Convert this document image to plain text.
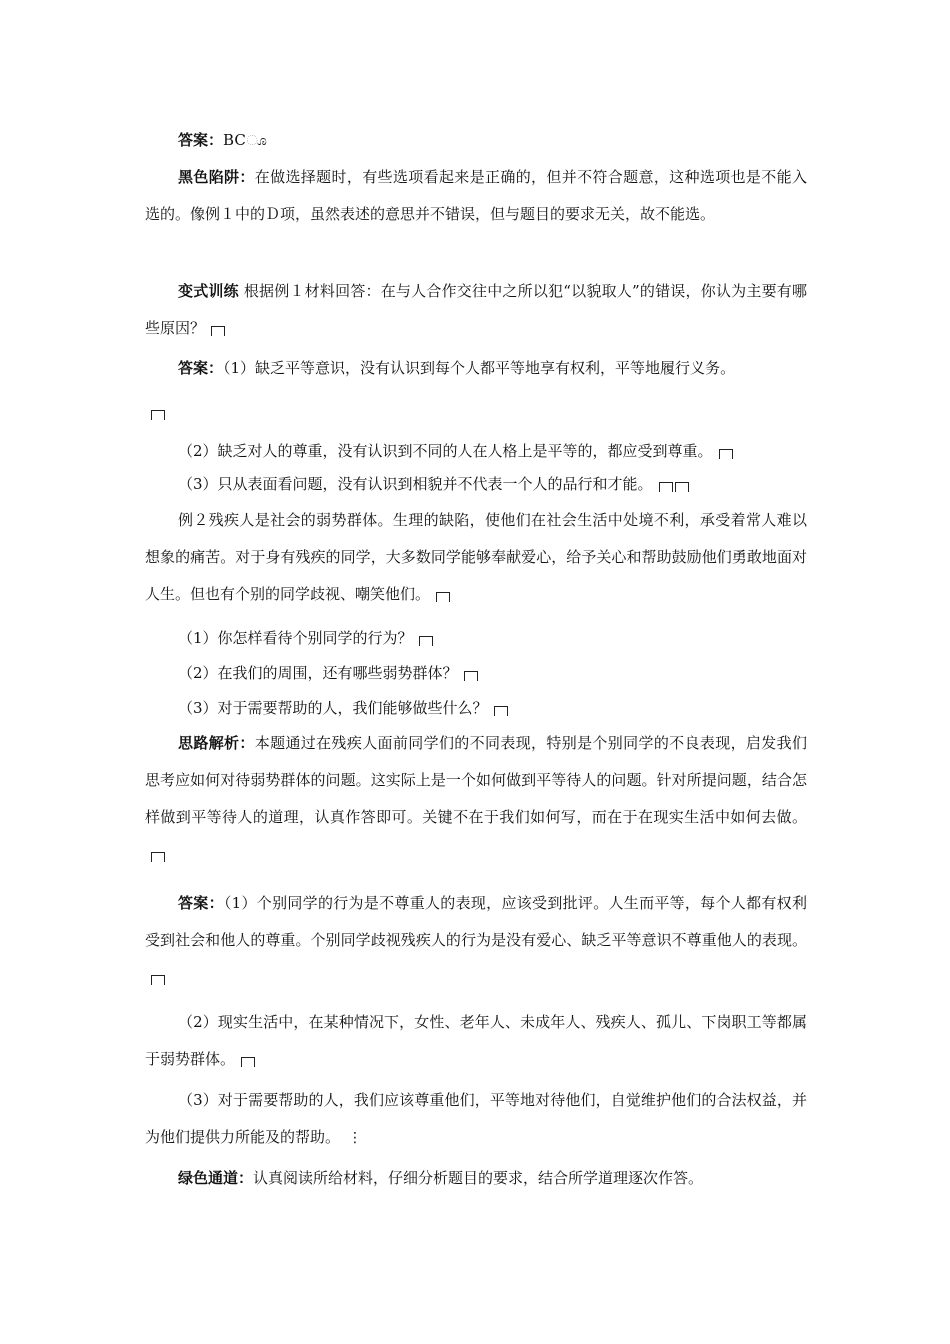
答案：BCೂ

黑色陷阱：在做选择题时，有些选项看起来是正确的，但并不符合题意，这种选项也是不能入选的。像例１中的Ｄ项，虽然表述的意思并不错误，但与题目的要求无关，故不能选。

变式训练 根据例１材料回答：在与人合作交往中之所以犯“以貌取人”的错误，你认为主要有哪些原因？

答案：（1）缺乏平等意识，没有认识到每个人都平等地享有权利，平等地履行义务。

（2）缺乏对人的尊重，没有认识到不同的人在人格上是平等的，都应受到尊重。

（3）只从表面看问题，没有认识到相貌并不代表一个人的品行和才能。

例２残疾人是社会的弱势群体。生理的缺陷，使他们在社会生活中处境不利，承受着常人难以想象的痛苦。对于身有残疾的同学，大多数同学能够奉献爱心，给予关心和帮助鼓励他们勇敢地面对人生。但也有个别的同学歧视、嘲笑他们。

（1）你怎样看待个别同学的行为？

（2）在我们的周围，还有哪些弱势群体？

（3）对于需要帮助的人，我们能够做些什么？

思路解析：本题通过在残疾人面前同学们的不同表现，特别是个别同学的不良表现，启发我们思考应如何对待弱势群体的问题。这实际上是一个如何做到平等待人的问题。针对所提问题，结合怎样做到平等待人的道理，认真作答即可。关键不在于我们如何写，而在于在现实生活中如何去做。

答案：（1）个别同学的行为是不尊重人的表现，应该受到批评。人生而平等，每个人都有权利受到社会和他人的尊重。个别同学歧视残疾人的行为是没有爱心、缺乏平等意识不尊重他人的表现。

（2）现实生活中，在某种情况下，女性、老年人、未成年人、残疾人、孤儿、下岗职工等都属于弱势群体。

（3）对于需要帮助的人，我们应该尊重他们，平等地对待他们，自觉维护他们的合法权益，并为他们提供力所能及的帮助。 ⋮

绿色通道：认真阅读所给材料，仔细分析题目的要求，结合所学道理逐次作答。
